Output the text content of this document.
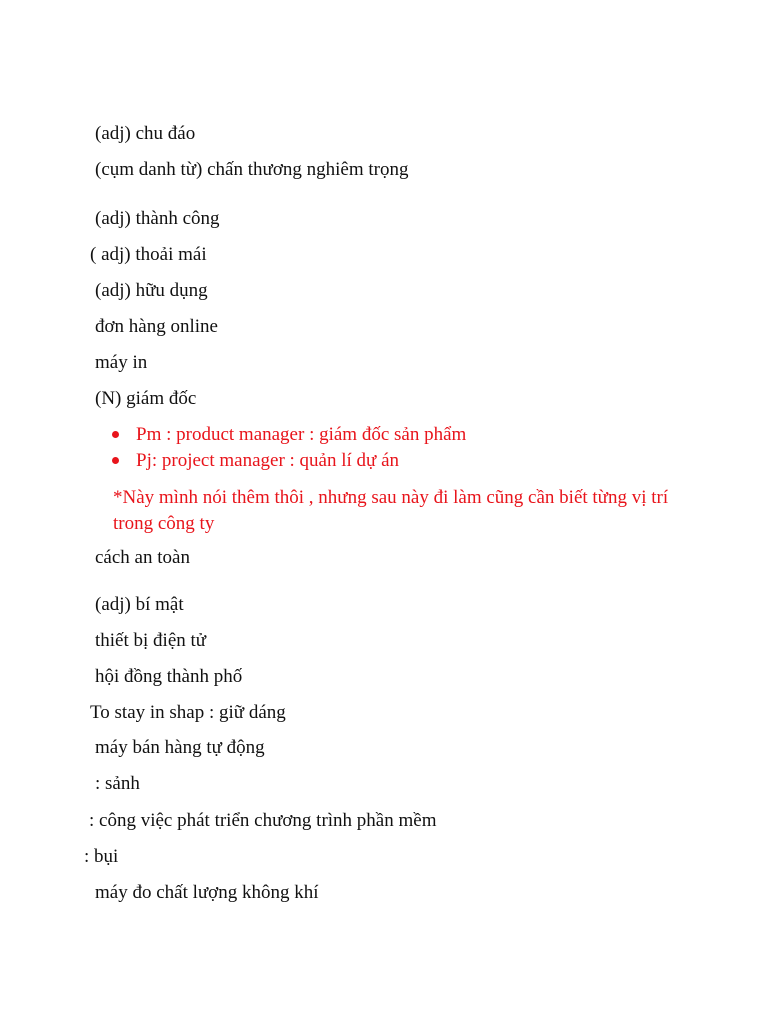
(adj) chu đáo
(cụm danh từ) chấn thương nghiêm trọng
(adj) thành công
( adj) thoải mái
(adj) hữu dụng
đơn hàng online
máy in
(N) giám đốc
Pm : product manager : giám đốc sản phẩm
Pj: project manager : quản lí dự án
*Này mình nói thêm thôi , nhưng sau này đi làm cũng cần biết từng vị trí trong công ty
cách an toàn
(adj) bí mật
thiết bị điện tử
hội đồng thành phố
To stay in shap : giữ dáng
máy bán hàng tự động
: sảnh
: công việc phát triển chương trình phần mềm
: bụi
máy đo chất lượng không khí
